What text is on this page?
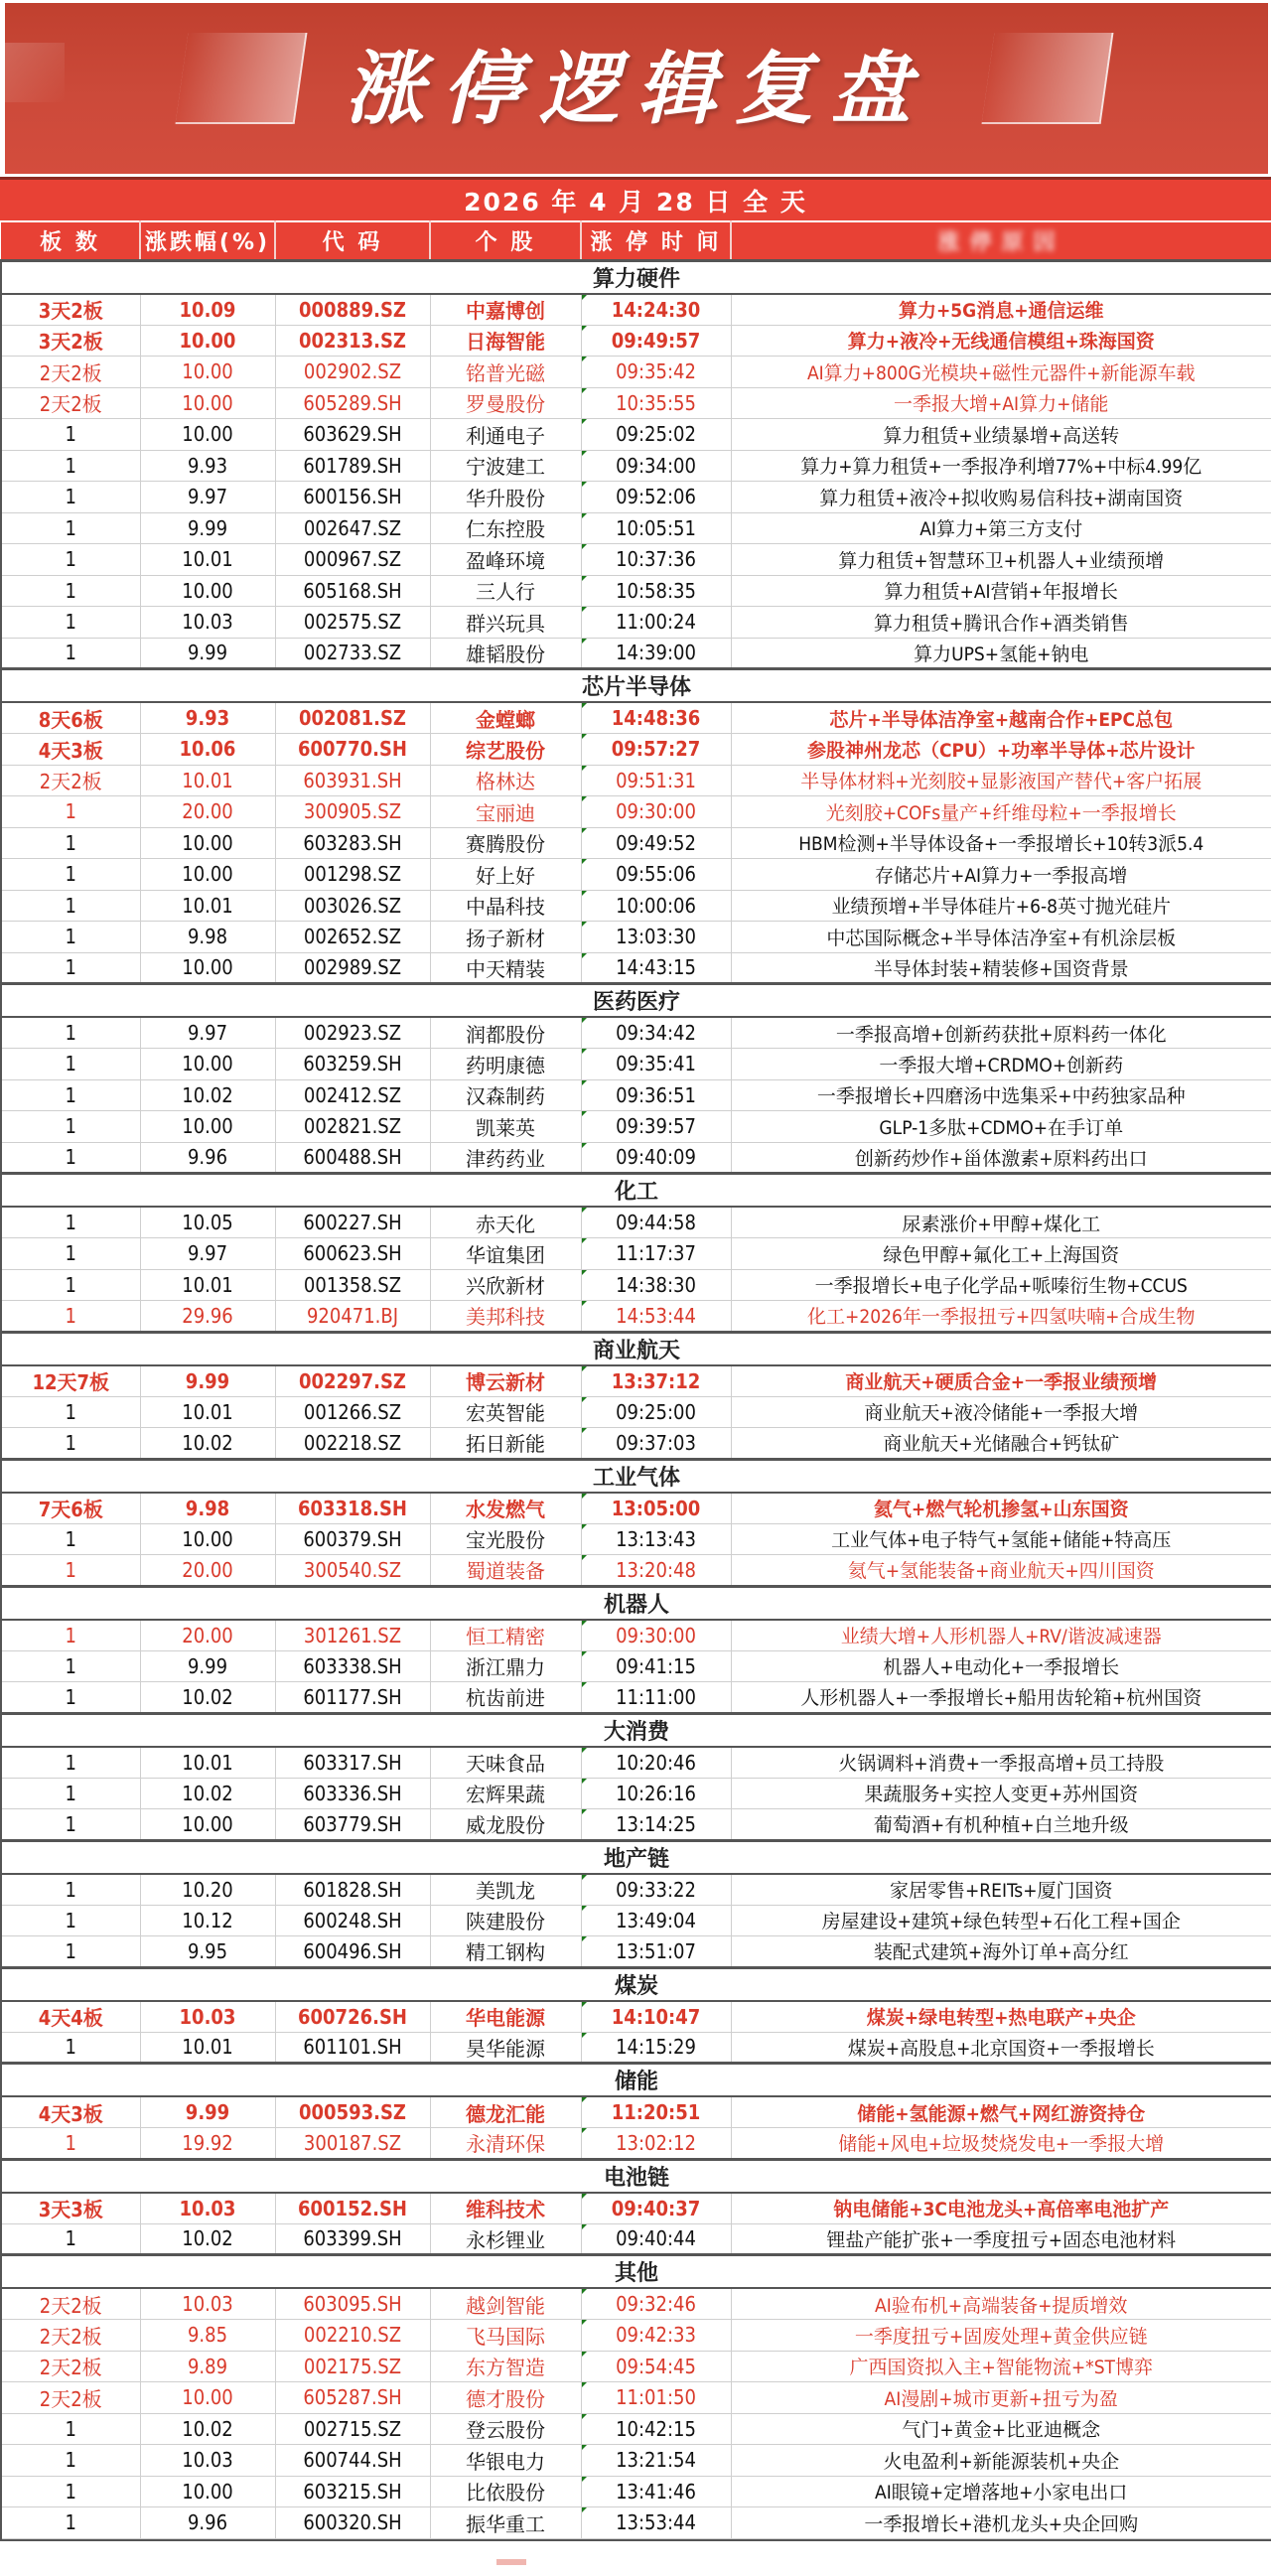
涨停逻辑复盘
2026 年 4 月 28 日 全 天
板 数	涨跌幅(%)	代 码	个 股	涨 停 时 间	涨停原因
算力硬件					
3天2板	10.09	000889.SZ	中嘉博创	14:24:30	算力+5G消息+通信运维
3天2板	10.00	002313.SZ	日海智能	09:49:57	算力+液冷+无线通信模组+珠海国资
2天2板	10.00	002902.SZ	铭普光磁	09:35:42	AI算力+800G光模块+磁性元器件+新能源车载
2天2板	10.00	605289.SH	罗曼股份	10:35:55	一季报大增+AI算力+储能
1	10.00	603629.SH	利通电子	09:25:02	算力租赁+业绩暴增+高送转
1	9.93	601789.SH	宁波建工	09:34:00	算力+算力租赁+一季报净利增77%+中标4.99亿
1	9.97	600156.SH	华升股份	09:52:06	算力租赁+液冷+拟收购易信科技+湖南国资
1	9.99	002647.SZ	仁东控股	10:05:51	AI算力+第三方支付
1	10.01	000967.SZ	盈峰环境	10:37:36	算力租赁+智慧环卫+机器人+业绩预增
1	10.00	605168.SH	三人行	10:58:35	算力租赁+AI营销+年报增长
1	10.03	002575.SZ	群兴玩具	11:00:24	算力租赁+腾讯合作+酒类销售
1	9.99	002733.SZ	雄韬股份	14:39:00	算力UPS+氢能+钠电
芯片半导体					
8天6板	9.93	002081.SZ	金螳螂	14:48:36	芯片+半导体洁净室+越南合作+EPC总包
4天3板	10.06	600770.SH	综艺股份	09:57:27	参股神州龙芯（CPU）+功率半导体+芯片设计
2天2板	10.01	603931.SH	格林达	09:51:31	半导体材料+光刻胶+显影液国产替代+客户拓展
1	20.00	300905.SZ	宝丽迪	09:30:00	光刻胶+COFs量产+纤维母粒+一季报增长
1	10.00	603283.SH	赛腾股份	09:49:52	HBM检测+半导体设备+一季报增长+10转3派5.4
1	10.00	001298.SZ	好上好	09:55:06	存储芯片+AI算力+一季报高增
1	10.01	003026.SZ	中晶科技	10:00:06	业绩预增+半导体硅片+6-8英寸抛光硅片
1	9.98	002652.SZ	扬子新材	13:03:30	中芯国际概念+半导体洁净室+有机涂层板
1	10.00	002989.SZ	中天精装	14:43:15	半导体封装+精装修+国资背景
医药医疗					
1	9.97	002923.SZ	润都股份	09:34:42	一季报高增+创新药获批+原料药一体化
1	10.00	603259.SH	药明康德	09:35:41	一季报大增+CRDMO+创新药
1	10.02	002412.SZ	汉森制药	09:36:51	一季报增长+四磨汤中选集采+中药独家品种
1	10.00	002821.SZ	凯莱英	09:39:57	GLP-1多肽+CDMO+在手订单
1	9.96	600488.SH	津药药业	09:40:09	创新药炒作+甾体激素+原料药出口
化工					
1	10.05	600227.SH	赤天化	09:44:58	尿素涨价+甲醇+煤化工
1	9.97	600623.SH	华谊集团	11:17:37	绿色甲醇+氟化工+上海国资
1	10.01	001358.SZ	兴欣新材	14:38:30	一季报增长+电子化学品+哌嗪衍生物+CCUS
1	29.96	920471.BJ	美邦科技	14:53:44	化工+2026年一季报扭亏+四氢呋喃+合成生物
商业航天					
12天7板	9.99	002297.SZ	博云新材	13:37:12	商业航天+硬质合金+一季报业绩预增
1	10.01	001266.SZ	宏英智能	09:25:00	商业航天+液冷储能+一季报大增
1	10.02	002218.SZ	拓日新能	09:37:03	商业航天+光储融合+钙钛矿
工业气体					
7天6板	9.98	603318.SH	水发燃气	13:05:00	氦气+燃气轮机掺氢+山东国资
1	10.00	600379.SH	宝光股份	13:13:43	工业气体+电子特气+氢能+储能+特高压
1	20.00	300540.SZ	蜀道装备	13:20:48	氦气+氢能装备+商业航天+四川国资
机器人					
1	20.00	301261.SZ	恒工精密	09:30:00	业绩大增+人形机器人+RV/谐波减速器
1	9.99	603338.SH	浙江鼎力	09:41:15	机器人+电动化+一季报增长
1	10.02	601177.SH	杭齿前进	11:11:00	人形机器人+一季报增长+船用齿轮箱+杭州国资
大消费					
1	10.01	603317.SH	天味食品	10:20:46	火锅调料+消费+一季报高增+员工持股
1	10.02	603336.SH	宏辉果蔬	10:26:16	果蔬服务+实控人变更+苏州国资
1	10.00	603779.SH	威龙股份	13:14:25	葡萄酒+有机种植+白兰地升级
地产链					
1	10.20	601828.SH	美凯龙	09:33:22	家居零售+REITs+厦门国资
1	10.12	600248.SH	陕建股份	13:49:04	房屋建设+建筑+绿色转型+石化工程+国企
1	9.95	600496.SH	精工钢构	13:51:07	装配式建筑+海外订单+高分红
煤炭					
4天4板	10.03	600726.SH	华电能源	14:10:47	煤炭+绿电转型+热电联产+央企
1	10.01	601101.SH	昊华能源	14:15:29	煤炭+高股息+北京国资+一季报增长
储能					
4天3板	9.99	000593.SZ	德龙汇能	11:20:51	储能+氢能源+燃气+网红游资持仓
1	19.92	300187.SZ	永清环保	13:02:12	储能+风电+垃圾焚烧发电+一季报大增
电池链					
3天3板	10.03	600152.SH	维科技术	09:40:37	钠电储能+3C电池龙头+高倍率电池扩产
1	10.02	603399.SH	永杉锂业	09:40:44	锂盐产能扩张+一季度扭亏+固态电池材料
其他					
2天2板	10.03	603095.SH	越剑智能	09:32:46	AI验布机+高端装备+提质增效
2天2板	9.85	002210.SZ	飞马国际	09:42:33	一季度扭亏+固废处理+黄金供应链
2天2板	9.89	002175.SZ	东方智造	09:54:45	广西国资拟入主+智能物流+*ST博弈
2天2板	10.00	605287.SH	德才股份	11:01:50	AI漫剧+城市更新+扭亏为盈
1	10.02	002715.SZ	登云股份	10:42:15	气门+黄金+比亚迪概念
1	10.03	600744.SH	华银电力	13:21:54	火电盈利+新能源装机+央企
1	10.00	603215.SH	比依股份	13:41:46	AI眼镜+定增落地+小家电出口
1	9.96	600320.SH	振华重工	13:53:44	一季报增长+港机龙头+央企回购
